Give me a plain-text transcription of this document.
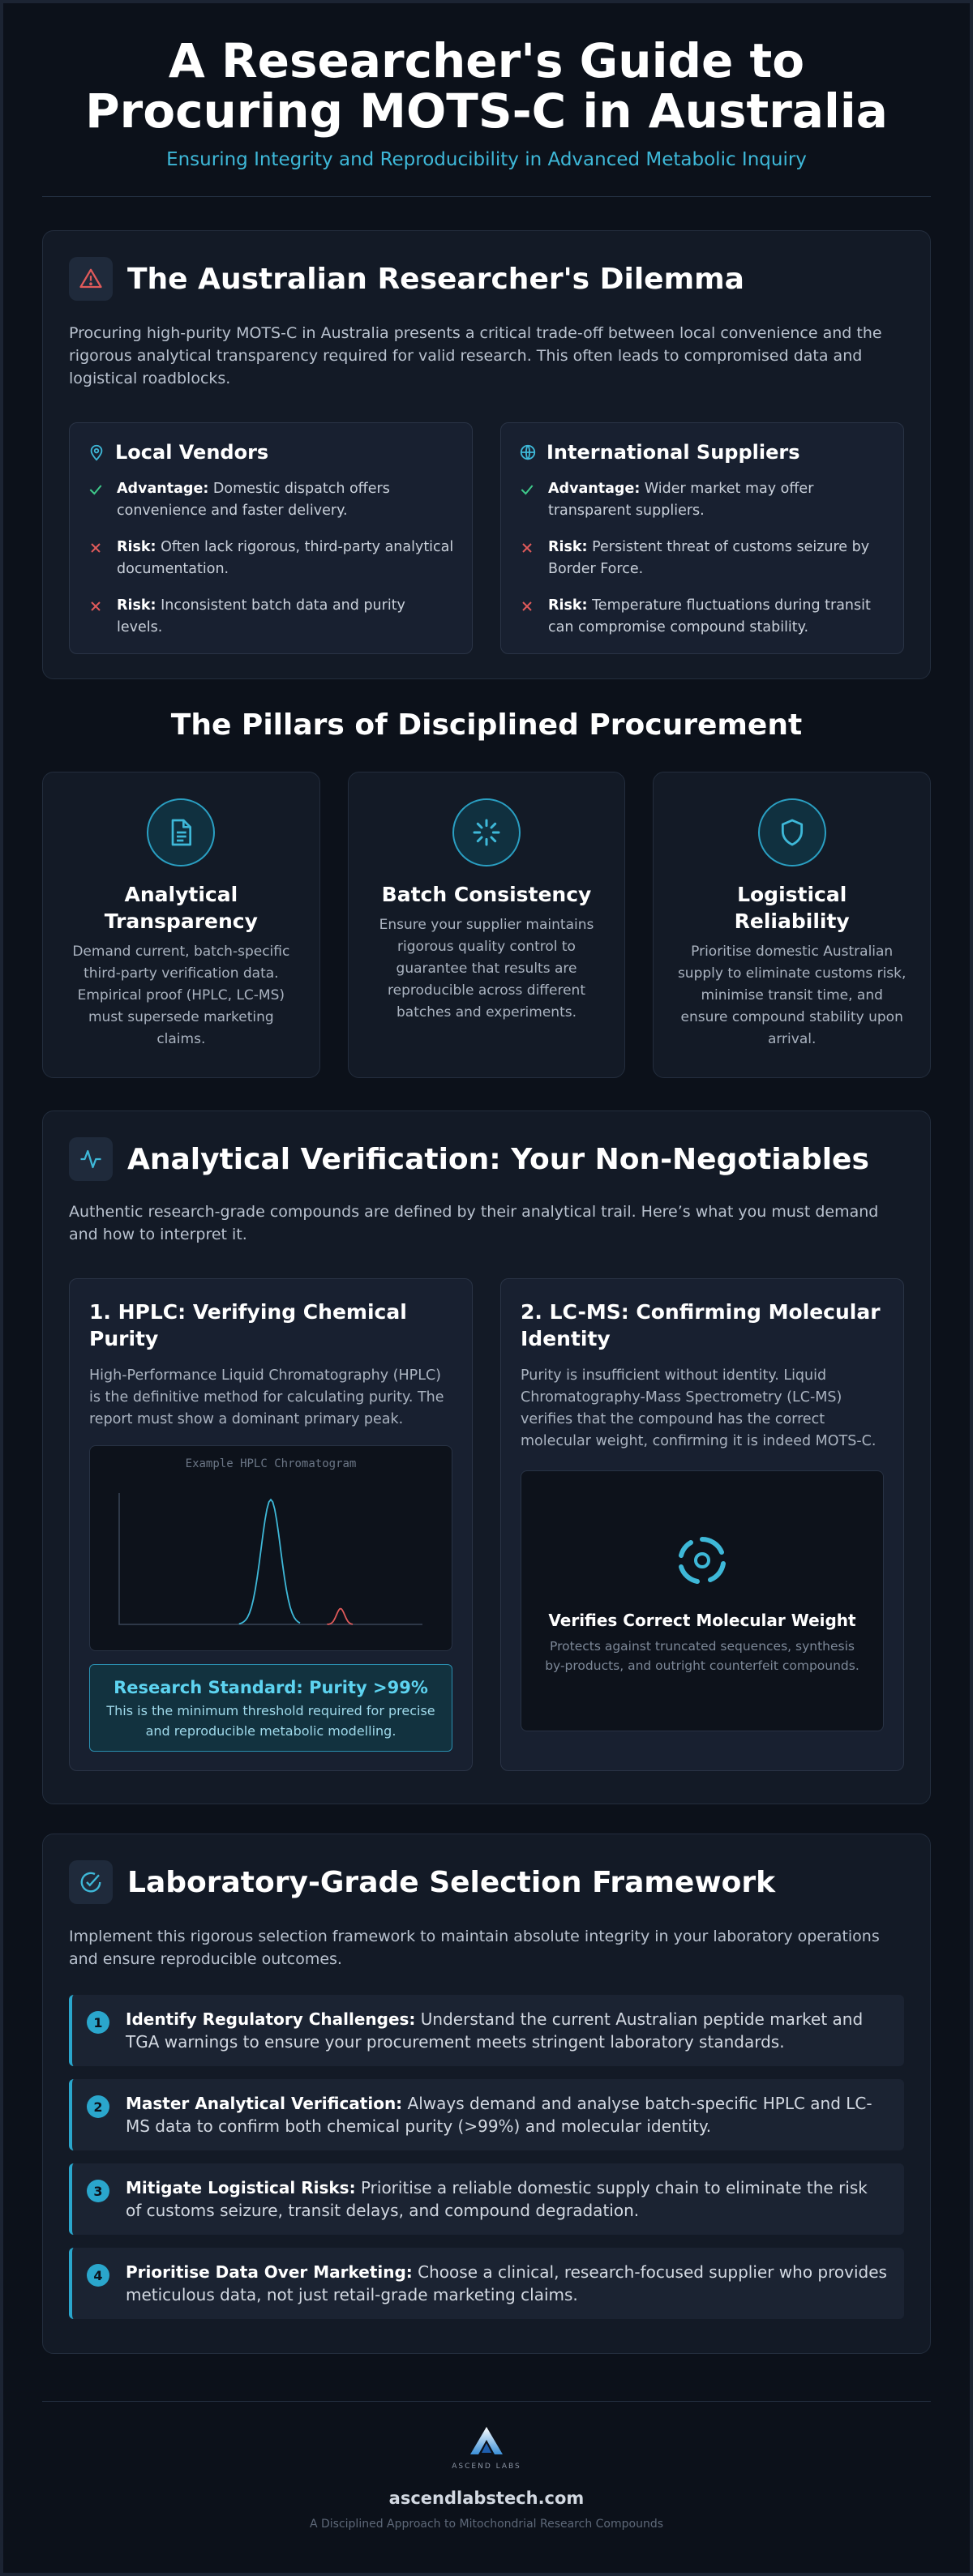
A Researcher's Guide to
Procuring MOTS-C in Australia
Ensuring Integrity and Reproducibility in Advanced Metabolic Inquiry
The Australian Researcher's Dilemma
Procuring high-purity MOTS-C in Australia presents a critical trade-off between local convenience and the rigorous analytical transparency required for valid research. This often leads to compromised data and logistical roadblocks.
Local Vendors
Advantage: Domestic dispatch offers convenience and faster delivery.
Risk: Often lack rigorous, third-party analytical documentation.
Risk: Inconsistent batch data and purity levels.
International Suppliers
Advantage: Wider market may offer transparent suppliers.
Risk: Persistent threat of customs seizure by Border Force.
Risk: Temperature fluctuations during transit can compromise compound stability.
The Pillars of Disciplined Procurement
Analytical Transparency
Demand current, batch-specific third-party verification data. Empirical proof (HPLC, LC-MS) must supersede marketing claims.
Batch Consistency
Ensure your supplier maintains rigorous quality control to guarantee that results are reproducible across different batches and experiments.
Logistical Reliability
Prioritise domestic Australian supply to eliminate customs risk, minimise transit time, and ensure compound stability upon arrival.
Analytical Verification: Your Non-Negotiables
Authentic research-grade compounds are defined by their analytical trail. Here’s what you must demand and how to interpret it.
1. HPLC: Verifying Chemical Purity
High-Performance Liquid Chromatography (HPLC) is the definitive method for calculating purity. The report must show a dominant primary peak.
Example HPLC Chromatogram
Research Standard: Purity >99%
This is the minimum threshold required for precise and reproducible metabolic modelling.
2. LC-MS: Confirming Molecular Identity
Purity is insufficient without identity. Liquid Chromatography-Mass Spectrometry (LC-MS) verifies that the compound has the correct molecular weight, confirming it is indeed MOTS-C.
Verifies Correct Molecular Weight
Protects against truncated sequences, synthesis by-products, and outright counterfeit compounds.
Laboratory-Grade Selection Framework
Implement this rigorous selection framework to maintain absolute integrity in your laboratory operations and ensure reproducible outcomes.
1	Identify Regulatory Challenges: Understand the current Australian peptide market and TGA warnings to ensure your procurement meets stringent laboratory standards.
2	Master Analytical Verification: Always demand and analyse batch-specific HPLC and LC-MS data to confirm both chemical purity (>99%) and molecular identity.
3	Mitigate Logistical Risks: Prioritise a reliable domestic supply chain to eliminate the risk of customs seizure, transit delays, and compound degradation.
4	Prioritise Data Over Marketing: Choose a clinical, research-focused supplier who provides meticulous data, not just retail-grade marketing claims.
ASCEND LABS
ascendlabstech.com
A Disciplined Approach to Mitochondrial Research Compounds
